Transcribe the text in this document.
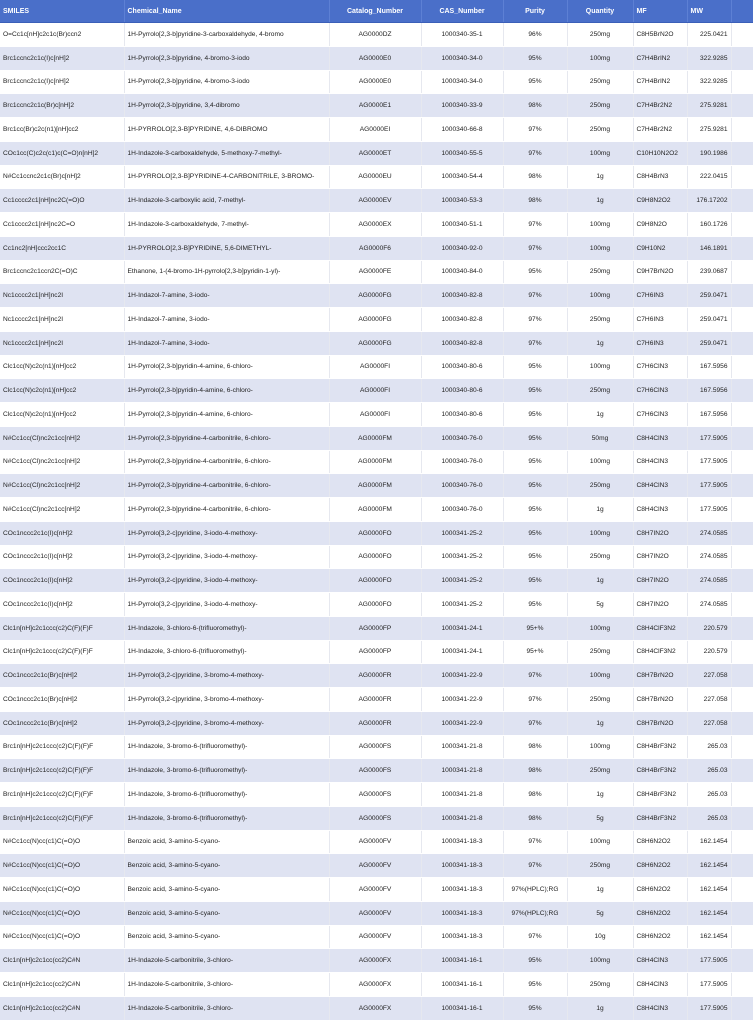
SMILES	Chemical_Name	Catalog_Number	CAS_Number	Purity	Quantity	MF	MW	
O=Cc1c[nH]c2c1c(Br)ccn2	1H-Pyrrolo[2,3-b]pyridine-3-carboxaldehyde, 4-bromo	AG0000DZ	1000340-35-1	96%	250mg	C8H5BrN2O	225.0421	
Brc1ccnc2c1c(I)c[nH]2	1H-Pyrrolo[2,3-b]pyridine, 4-bromo-3-iodo	AG0000E0	1000340-34-0	95%	100mg	C7H4BrIN2	322.9285	
Brc1ccnc2c1c(I)c[nH]2	1H-Pyrrolo[2,3-b]pyridine, 4-bromo-3-iodo	AG0000E0	1000340-34-0	95%	250mg	C7H4BrIN2	322.9285	
Brc1ccnc2c1c(Br)c[nH]2	1H-Pyrrolo[2,3-b]pyridine, 3,4-dibromo	AG0000E1	1000340-33-9	98%	250mg	C7H4Br2N2	275.9281	
Brc1cc(Br)c2c(n1)[nH]cc2	1H-PYRROLO[2,3-B]PYRIDINE, 4,6-DIBROMO	AG0000EI	1000340-66-8	97%	250mg	C7H4Br2N2	275.9281	
COc1cc(C)c2c(c1)c(C=O)n[nH]2	1H-Indazole-3-carboxaldehyde, 5-methoxy-7-methyl-	AG0000ET	1000340-55-5	97%	100mg	C10H10N2O2	190.1986	
N#Cc1ccnc2c1c(Br)c[nH]2	1H-PYRROLO[2,3-B]PYRIDINE-4-CARBONITRILE, 3-BROMO-	AG0000EU	1000340-54-4	98%	1g	C8H4BrN3	222.0415	
Cc1cccc2c1[nH]nc2C(=O)O	1H-Indazole-3-carboxylic acid, 7-methyl-	AG0000EV	1000340-53-3	98%	1g	C9H8N2O2	176.17202	
Cc1cccc2c1[nH]nc2C=O	1H-Indazole-3-carboxaldehyde, 7-methyl-	AG0000EX	1000340-51-1	97%	100mg	C9H8N2O	160.1726	
Cc1nc2[nH]ccc2cc1C	1H-PYRROLO[2,3-B]PYRIDINE, 5,6-DIMETHYL-	AG0000F6	1000340-92-0	97%	100mg	C9H10N2	146.1891	
Brc1ccnc2c1ccn2C(=O)C	Ethanone, 1-(4-bromo-1H-pyrrolo[2,3-b]pyridin-1-yl)-	AG0000FE	1000340-84-0	95%	250mg	C9H7BrN2O	239.0687	
Nc1cccc2c1[nH]nc2I	1H-Indazol-7-amine, 3-iodo-	AG0000FG	1000340-82-8	97%	100mg	C7H6IN3	259.0471	
Nc1cccc2c1[nH]nc2I	1H-Indazol-7-amine, 3-iodo-	AG0000FG	1000340-82-8	97%	250mg	C7H6IN3	259.0471	
Nc1cccc2c1[nH]nc2I	1H-Indazol-7-amine, 3-iodo-	AG0000FG	1000340-82-8	97%	1g	C7H6IN3	259.0471	
Clc1cc(N)c2c(n1)[nH]cc2	1H-Pyrrolo[2,3-b]pyridin-4-amine, 6-chloro-	AG0000FI	1000340-80-6	95%	100mg	C7H6ClN3	167.5956	
Clc1cc(N)c2c(n1)[nH]cc2	1H-Pyrrolo[2,3-b]pyridin-4-amine, 6-chloro-	AG0000FI	1000340-80-6	95%	250mg	C7H6ClN3	167.5956	
Clc1cc(N)c2c(n1)[nH]cc2	1H-Pyrrolo[2,3-b]pyridin-4-amine, 6-chloro-	AG0000FI	1000340-80-6	95%	1g	C7H6ClN3	167.5956	
N#Cc1cc(Cl)nc2c1cc[nH]2	1H-Pyrrolo[2,3-b]pyridine-4-carbonitrile, 6-chloro-	AG0000FM	1000340-76-0	95%	50mg	C8H4ClN3	177.5905	
N#Cc1cc(Cl)nc2c1cc[nH]2	1H-Pyrrolo[2,3-b]pyridine-4-carbonitrile, 6-chloro-	AG0000FM	1000340-76-0	95%	100mg	C8H4ClN3	177.5905	
N#Cc1cc(Cl)nc2c1cc[nH]2	1H-Pyrrolo[2,3-b]pyridine-4-carbonitrile, 6-chloro-	AG0000FM	1000340-76-0	95%	250mg	C8H4ClN3	177.5905	
N#Cc1cc(Cl)nc2c1cc[nH]2	1H-Pyrrolo[2,3-b]pyridine-4-carbonitrile, 6-chloro-	AG0000FM	1000340-76-0	95%	1g	C8H4ClN3	177.5905	
COc1nccc2c1c(I)c[nH]2	1H-Pyrrolo[3,2-c]pyridine, 3-iodo-4-methoxy-	AG0000FO	1000341-25-2	95%	100mg	C8H7IN2O	274.0585	
COc1nccc2c1c(I)c[nH]2	1H-Pyrrolo[3,2-c]pyridine, 3-iodo-4-methoxy-	AG0000FO	1000341-25-2	95%	250mg	C8H7IN2O	274.0585	
COc1nccc2c1c(I)c[nH]2	1H-Pyrrolo[3,2-c]pyridine, 3-iodo-4-methoxy-	AG0000FO	1000341-25-2	95%	1g	C8H7IN2O	274.0585	
COc1nccc2c1c(I)c[nH]2	1H-Pyrrolo[3,2-c]pyridine, 3-iodo-4-methoxy-	AG0000FO	1000341-25-2	95%	5g	C8H7IN2O	274.0585	
Clc1n[nH]c2c1ccc(c2)C(F)(F)F	1H-Indazole, 3-chloro-6-(trifluoromethyl)-	AG0000FP	1000341-24-1	95+%	100mg	C8H4ClF3N2	220.579	
Clc1n[nH]c2c1ccc(c2)C(F)(F)F	1H-Indazole, 3-chloro-6-(trifluoromethyl)-	AG0000FP	1000341-24-1	95+%	250mg	C8H4ClF3N2	220.579	
COc1nccc2c1c(Br)c[nH]2	1H-Pyrrolo[3,2-c]pyridine, 3-bromo-4-methoxy-	AG0000FR	1000341-22-9	97%	100mg	C8H7BrN2O	227.058	
COc1nccc2c1c(Br)c[nH]2	1H-Pyrrolo[3,2-c]pyridine, 3-bromo-4-methoxy-	AG0000FR	1000341-22-9	97%	250mg	C8H7BrN2O	227.058	
COc1nccc2c1c(Br)c[nH]2	1H-Pyrrolo[3,2-c]pyridine, 3-bromo-4-methoxy-	AG0000FR	1000341-22-9	97%	1g	C8H7BrN2O	227.058	
Brc1n[nH]c2c1ccc(c2)C(F)(F)F	1H-Indazole, 3-bromo-6-(trifluoromethyl)-	AG0000FS	1000341-21-8	98%	100mg	C8H4BrF3N2	265.03	
Brc1n[nH]c2c1ccc(c2)C(F)(F)F	1H-Indazole, 3-bromo-6-(trifluoromethyl)-	AG0000FS	1000341-21-8	98%	250mg	C8H4BrF3N2	265.03	
Brc1n[nH]c2c1ccc(c2)C(F)(F)F	1H-Indazole, 3-bromo-6-(trifluoromethyl)-	AG0000FS	1000341-21-8	98%	1g	C8H4BrF3N2	265.03	
Brc1n[nH]c2c1ccc(c2)C(F)(F)F	1H-Indazole, 3-bromo-6-(trifluoromethyl)-	AG0000FS	1000341-21-8	98%	5g	C8H4BrF3N2	265.03	
N#Cc1cc(N)cc(c1)C(=O)O	Benzoic acid, 3-amino-5-cyano-	AG0000FV	1000341-18-3	97%	100mg	C8H6N2O2	162.1454	
N#Cc1cc(N)cc(c1)C(=O)O	Benzoic acid, 3-amino-5-cyano-	AG0000FV	1000341-18-3	97%	250mg	C8H6N2O2	162.1454	
N#Cc1cc(N)cc(c1)C(=O)O	Benzoic acid, 3-amino-5-cyano-	AG0000FV	1000341-18-3	97%(HPLC);RG	1g	C8H6N2O2	162.1454	
N#Cc1cc(N)cc(c1)C(=O)O	Benzoic acid, 3-amino-5-cyano-	AG0000FV	1000341-18-3	97%(HPLC);RG	5g	C8H6N2O2	162.1454	
N#Cc1cc(N)cc(c1)C(=O)O	Benzoic acid, 3-amino-5-cyano-	AG0000FV	1000341-18-3	97%	10g	C8H6N2O2	162.1454	
Clc1n[nH]c2c1cc(cc2)C#N	1H-Indazole-5-carbonitrile, 3-chloro-	AG0000FX	1000341-16-1	95%	100mg	C8H4ClN3	177.5905	
Clc1n[nH]c2c1cc(cc2)C#N	1H-Indazole-5-carbonitrile, 3-chloro-	AG0000FX	1000341-16-1	95%	250mg	C8H4ClN3	177.5905	
Clc1n[nH]c2c1cc(cc2)C#N	1H-Indazole-5-carbonitrile, 3-chloro-	AG0000FX	1000341-16-1	95%	1g	C8H4ClN3	177.5905	
